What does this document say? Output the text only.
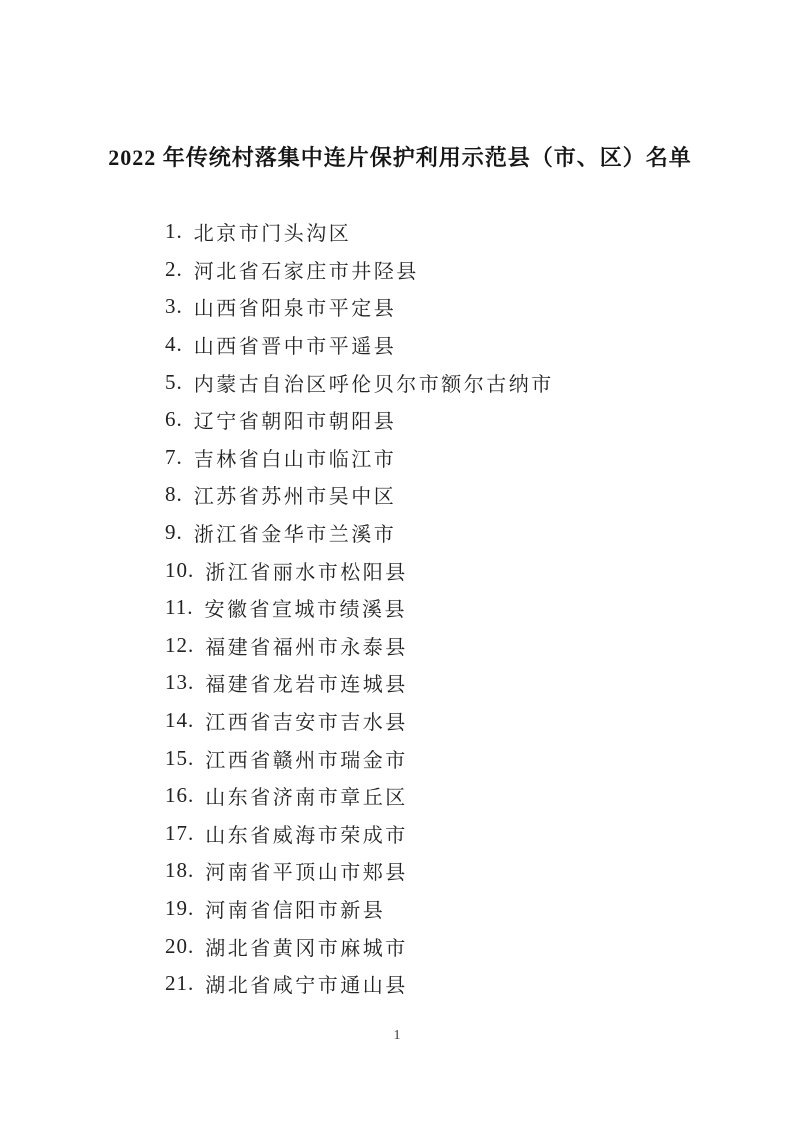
2022 年传统村落集中连片保护利用示范县（市、区）名单
1. 北京市门头沟区
2. 河北省石家庄市井陉县
3. 山西省阳泉市平定县
4. 山西省晋中市平遥县
5. 内蒙古自治区呼伦贝尔市额尔古纳市
6. 辽宁省朝阳市朝阳县
7. 吉林省白山市临江市
8. 江苏省苏州市吴中区
9. 浙江省金华市兰溪市
10. 浙江省丽水市松阳县
11. 安徽省宣城市绩溪县
12. 福建省福州市永泰县
13. 福建省龙岩市连城县
14. 江西省吉安市吉水县
15. 江西省赣州市瑞金市
16. 山东省济南市章丘区
17. 山东省威海市荣成市
18. 河南省平顶山市郏县
19. 河南省信阳市新县
20. 湖北省黄冈市麻城市
21. 湖北省咸宁市通山县
1
